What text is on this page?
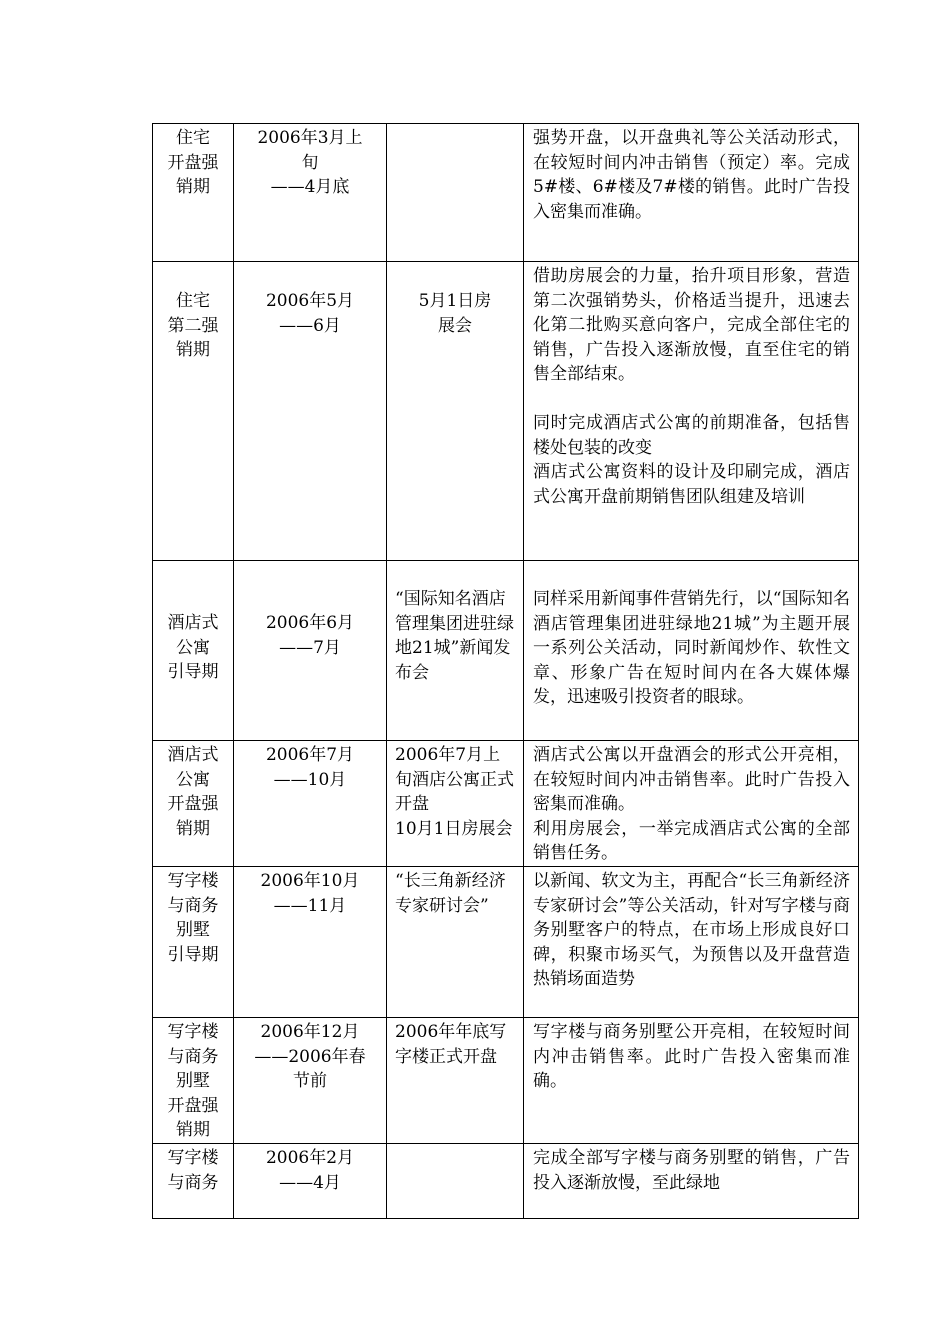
住宅
开盘强
销期	2006年3月上
旬
——4月底		强势开盘，以开盘典礼等公关活动形式，在较短时间内冲击销售（预定）率。完成5#楼、6#楼及7#楼的销售。此时广告投入密集而准确。

住宅
第二强
销期	2006年5月
——6月	5月1日房
展会	借助房展会的力量，抬升项目形象，营造第二次强销势头，价格适当提升，迅速去化第二批购买意向客户，完成全部住宅的销售，广告投入逐渐放慢，直至住宅的销售全部结束。

同时完成酒店式公寓的前期准备，包括售楼处包装的改变
酒店式公寓资料的设计及印刷完成，酒店式公寓开盘前期销售团队组建及培训

酒店式
公寓
引导期	2006年6月
——7月	“国际知名酒店管理集团进驻绿地21城”新闻发布会	同样采用新闻事件营销先行，以“国际知名酒店管理集团进驻绿地21城”为主题开展一系列公关活动，同时新闻炒作、软性文章、形象广告在短时间内在各大媒体爆发，迅速吸引投资者的眼球。

酒店式
公寓
开盘强
销期	2006年7月
——10月	2006年7月上旬酒店公寓正式开盘
10月1日房展会	酒店式公寓以开盘酒会的形式公开亮相，在较短时间内冲击销售率。此时广告投入密集而准确。
利用房展会，一举完成酒店式公寓的全部销售任务。

写字楼
与商务
别墅
引导期	2006年10月
——11月	“长三角新经济专家研讨会”	以新闻、软文为主，再配合“长三角新经济专家研讨会”等公关活动，针对写字楼与商务别墅客户的特点，在市场上形成良好口碑，积聚市场买气，为预售以及开盘营造热销场面造势

写字楼
与商务
别墅
开盘强
销期	2006年12月
——2006年春
节前	2006年年底写字楼正式开盘	写字楼与商务别墅公开亮相，在较短时间内冲击销售率。此时广告投入密集而准确。

写字楼
与商务	2006年2月
——4月		完成全部写字楼与商务别墅的销售，广告投入逐渐放慢，至此绿地
